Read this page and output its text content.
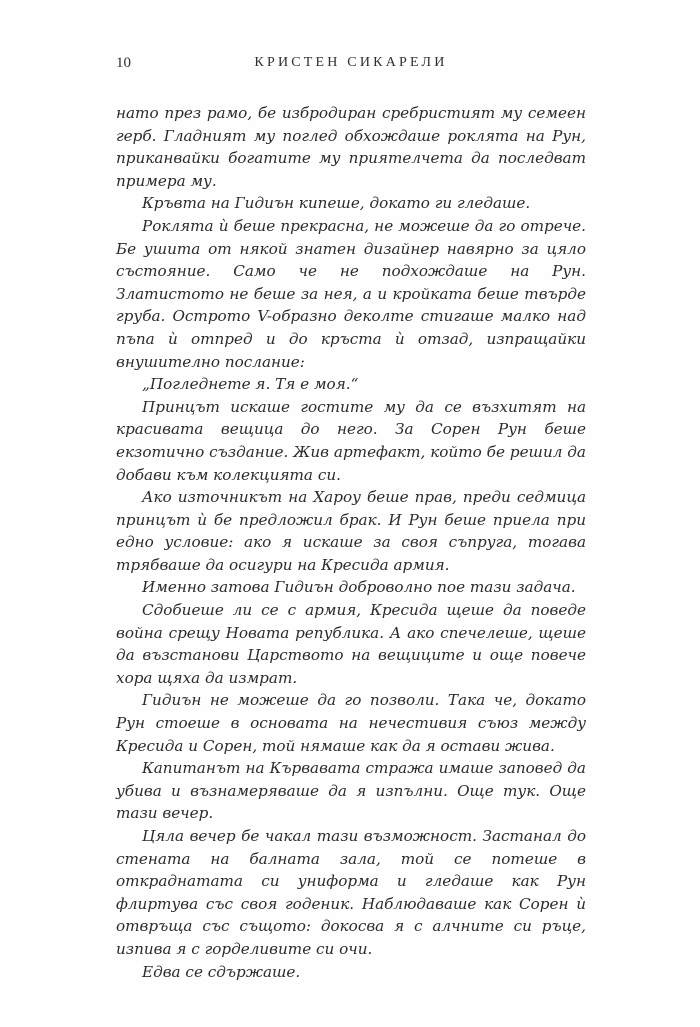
10	КРИСТЕН СИКАРЕЛИ

нато през рамо, бе избродиран сребристият му семеен герб. Гладният му поглед обхождаше роклята на Рун, приканвайки богатите му приятелчета да последват примера му.

Кръвта на Гидиън кипеше, докато ги гледаше.

Роклята ѝ беше прекрасна, не можеше да го отрече. Бе ушита от някой знатен дизайнер навярно за цяло състояние. Само че не подхождаше на Рун. Златистото не беше за нея, а и кройката беше твърде груба. Острото V-образно деколте стигаше малко над пъпа ѝ отпред и до кръста ѝ отзад, изпращайки внушително послание:

„Погледнете я. Тя е моя.“

Принцът искаше гостите му да се възхитят на красивата вещица до него. За Сорен Рун беше екзотично създание. Жив артефакт, който бе решил да добави към колекцията си.

Ако източникът на Хароу беше прав, преди седмица принцът ѝ бе предложил брак. И Рун беше приела при едно условие: ако я искаше за своя съпруга, тогава трябваше да осигури на Кресида армия.

Именно затова Гидиън доброволно пое тази задача.

Сдобиеше ли се с армия, Кресида щеше да поведе война срещу Новата република. А ако спечелеше, щеше да възстанови Царството на вещиците и още повече хора щяха да измрат.

Гидиън не можеше да го позволи. Така че, докато Рун стоеше в основата на нечестивия съюз между Кресида и Сорен, той нямаше как да я остави жива.

Капитанът на Кървавата стража имаше заповед да убива и възнамеряваше да я изпълни. Още тук. Още тази вечер.

Цяла вечер бе чакал тази възможност. Застанал до стената на балната зала, той се потеше в откраднатата си униформа и гледаше как Рун флиртува със своя годеник. Наблюдаваше как Сорен ѝ отвръща със същото: докосва я с алчните си ръце, изпива я с горделивите си очи.

Едва се сдържаше.
